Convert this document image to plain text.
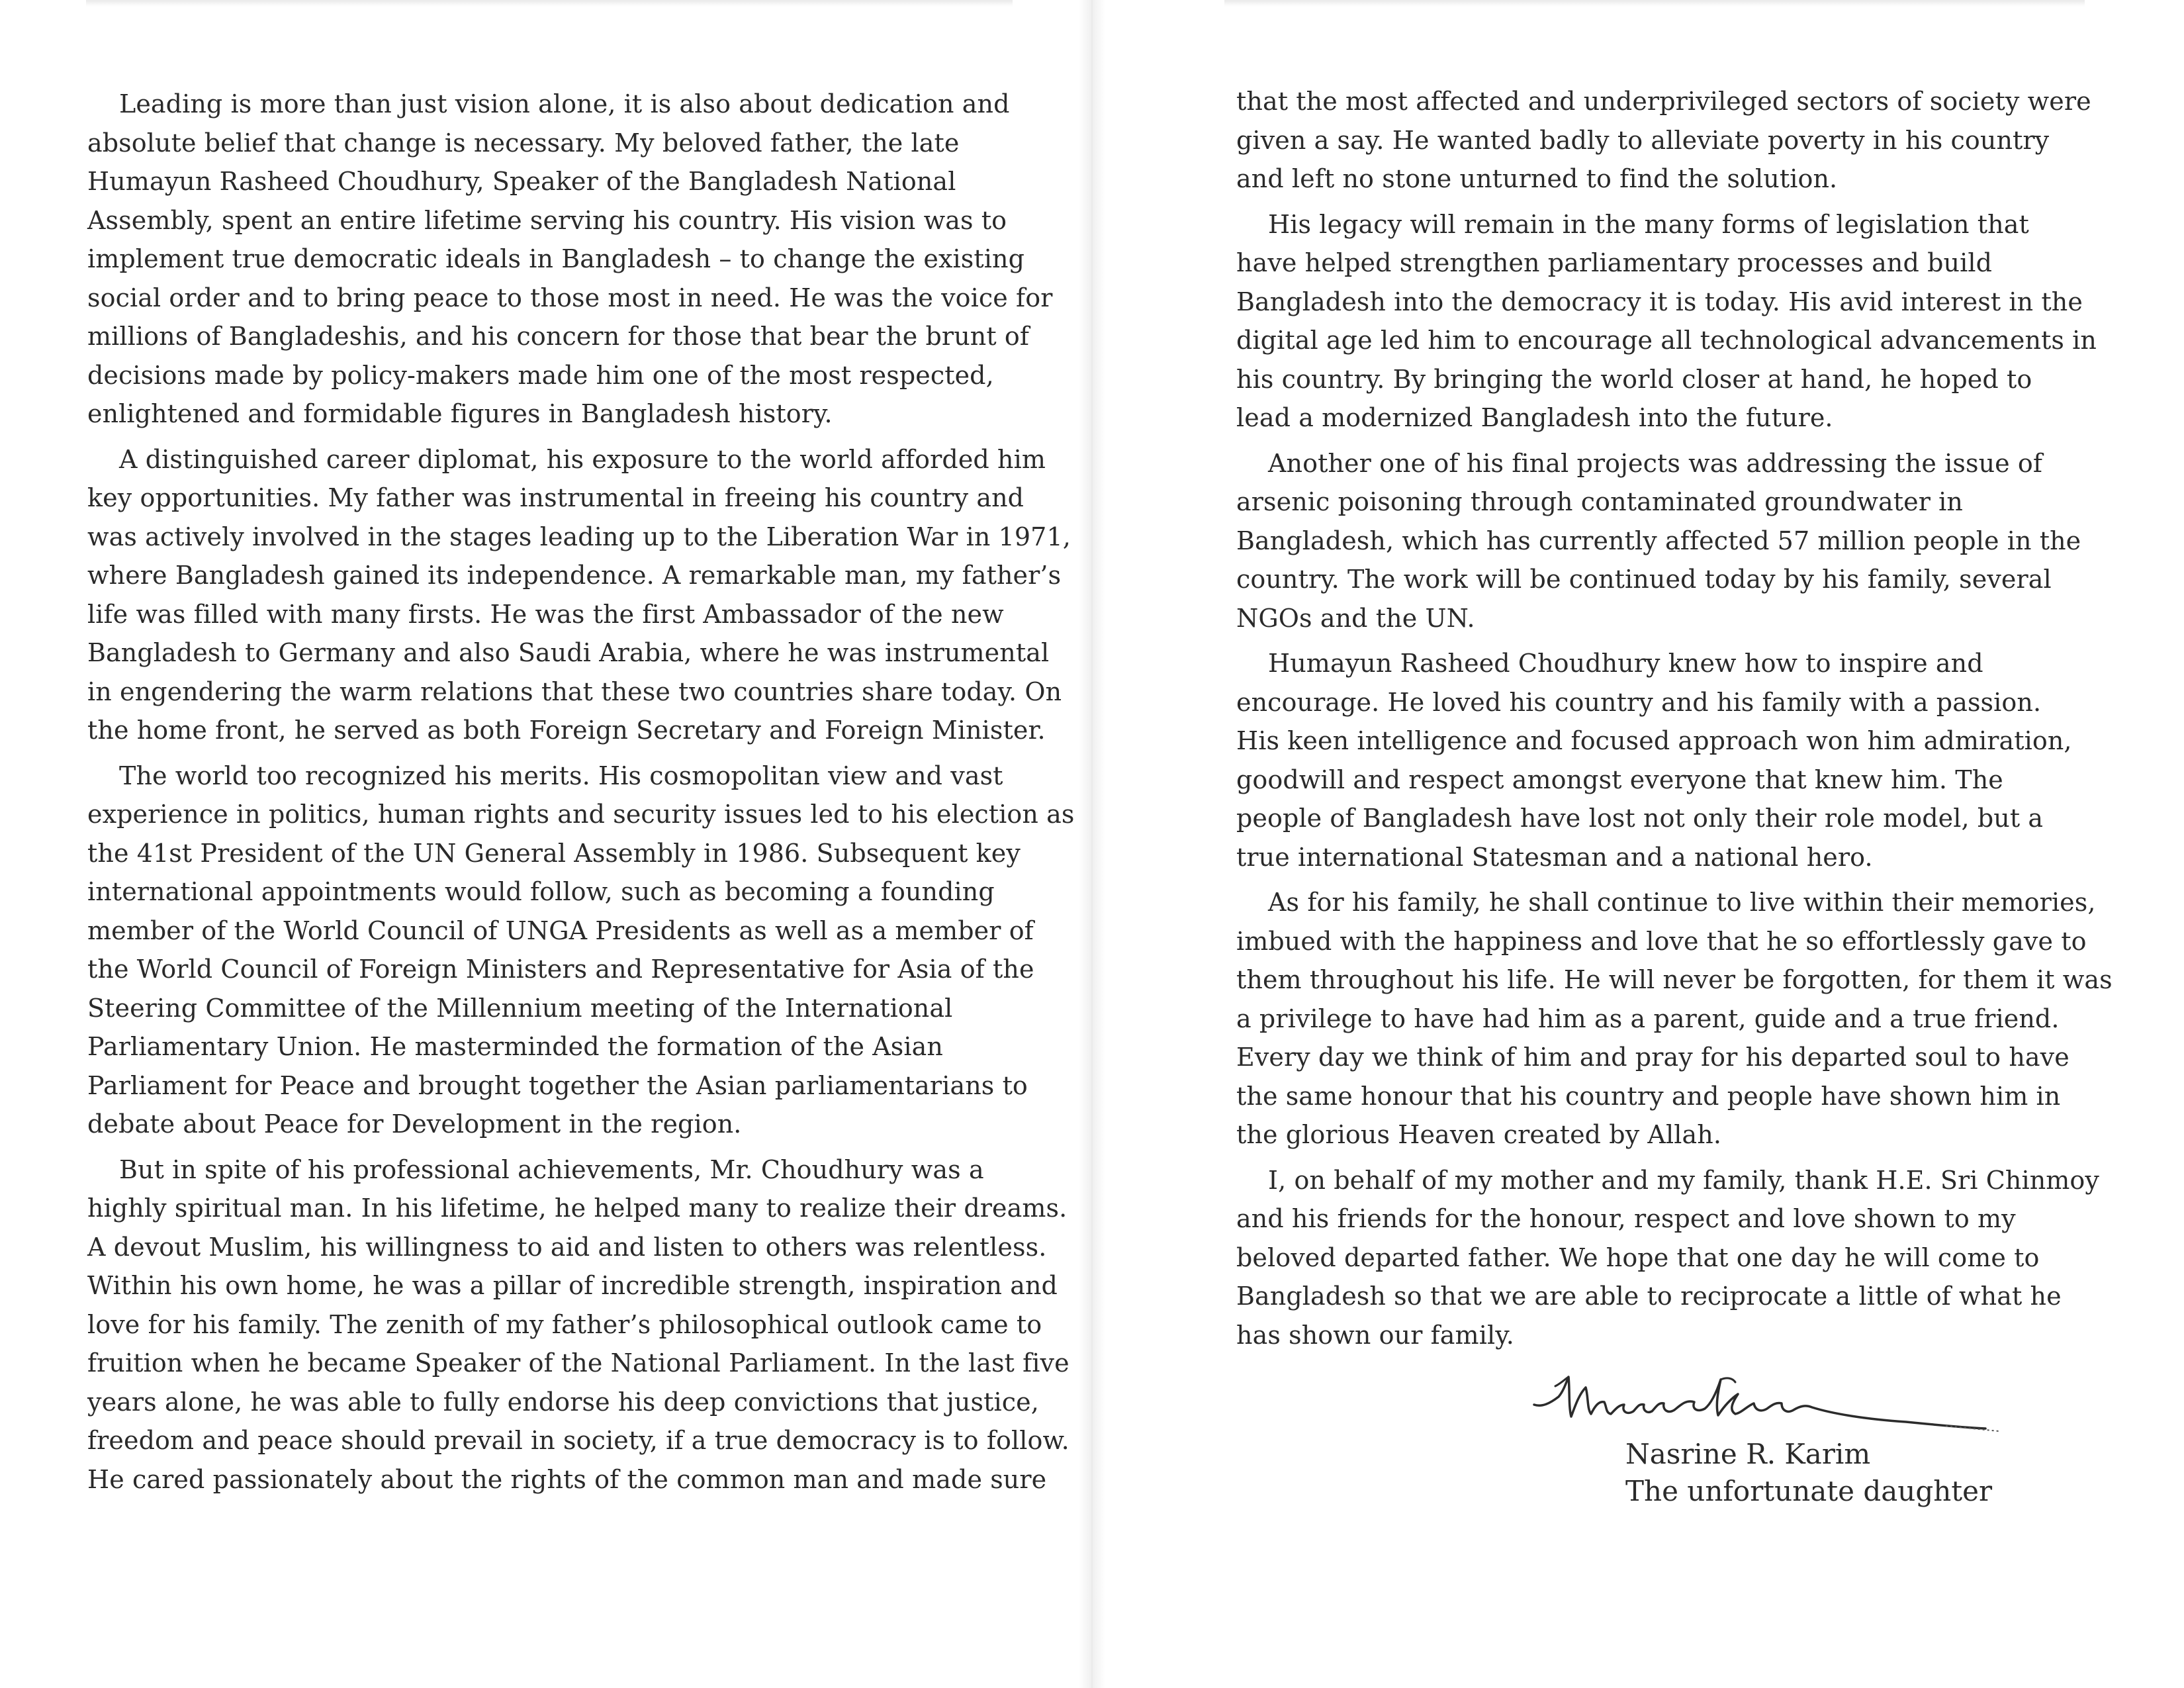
Leading is more than just vision alone, it is also about dedication and
absolute belief that change is necessary. My beloved father, the late
Humayun Rasheed Choudhury, Speaker of the Bangladesh National
Assembly, spent an entire lifetime serving his country. His vision was to
implement true democratic ideals in Bangladesh – to change the existing
social order and to bring peace to those most in need. He was the voice for
millions of Bangladeshis, and his concern for those that bear the brunt of
decisions made by policy-makers made him one of the most respected,
enlightened and formidable figures in Bangladesh history.
A distinguished career diplomat, his exposure to the world afforded him
key opportunities. My father was instrumental in freeing his country and
was actively involved in the stages leading up to the Liberation War in 1971,
where Bangladesh gained its independence. A remarkable man, my father’s
life was filled with many firsts. He was the first Ambassador of the new
Bangladesh to Germany and also Saudi Arabia, where he was instrumental
in engendering the warm relations that these two countries share today. On
the home front, he served as both Foreign Secretary and Foreign Minister.
The world too recognized his merits. His cosmopolitan view and vast
experience in politics, human rights and security issues led to his election as
the 41st President of the UN General Assembly in 1986. Subsequent key
international appointments would follow, such as becoming a founding
member of the World Council of UNGA Presidents as well as a member of
the World Council of Foreign Ministers and Representative for Asia of the
Steering Committee of the Millennium meeting of the International
Parliamentary Union. He masterminded the formation of the Asian
Parliament for Peace and brought together the Asian parliamentarians to
debate about Peace for Development in the region.
But in spite of his professional achievements, Mr. Choudhury was a
highly spiritual man. In his lifetime, he helped many to realize their dreams.
A devout Muslim, his willingness to aid and listen to others was relentless.
Within his own home, he was a pillar of incredible strength, inspiration and
love for his family. The zenith of my father’s philosophical outlook came to
fruition when he became Speaker of the National Parliament. In the last five
years alone, he was able to fully endorse his deep convictions that justice,
freedom and peace should prevail in society, if a true democracy is to follow.
He cared passionately about the rights of the common man and made sure
that the most affected and underprivileged sectors of society were
given a say. He wanted badly to alleviate poverty in his country
and left no stone unturned to find the solution.
His legacy will remain in the many forms of legislation that
have helped strengthen parliamentary processes and build
Bangladesh into the democracy it is today. His avid interest in the
digital age led him to encourage all technological advancements in
his country. By bringing the world closer at hand, he hoped to
lead a modernized Bangladesh into the future.
Another one of his final projects was addressing the issue of
arsenic poisoning through contaminated groundwater in
Bangladesh, which has currently affected 57 million people in the
country. The work will be continued today by his family, several
NGOs and the UN.
Humayun Rasheed Choudhury knew how to inspire and
encourage. He loved his country and his family with a passion.
His keen intelligence and focused approach won him admiration,
goodwill and respect amongst everyone that knew him. The
people of Bangladesh have lost not only their role model, but a
true international Statesman and a national hero.
As for his family, he shall continue to live within their memories,
imbued with the happiness and love that he so effortlessly gave to
them throughout his life. He will never be forgotten, for them it was
a privilege to have had him as a parent, guide and a true friend.
Every day we think of him and pray for his departed soul to have
the same honour that his country and people have shown him in
the glorious Heaven created by Allah.
I, on behalf of my mother and my family, thank H.E. Sri Chinmoy
and his friends for the honour, respect and love shown to my
beloved departed father. We hope that one day he will come to
Bangladesh so that we are able to reciprocate a little of what he
has shown our family.
Nasrine R. Karim
The unfortunate daughter
